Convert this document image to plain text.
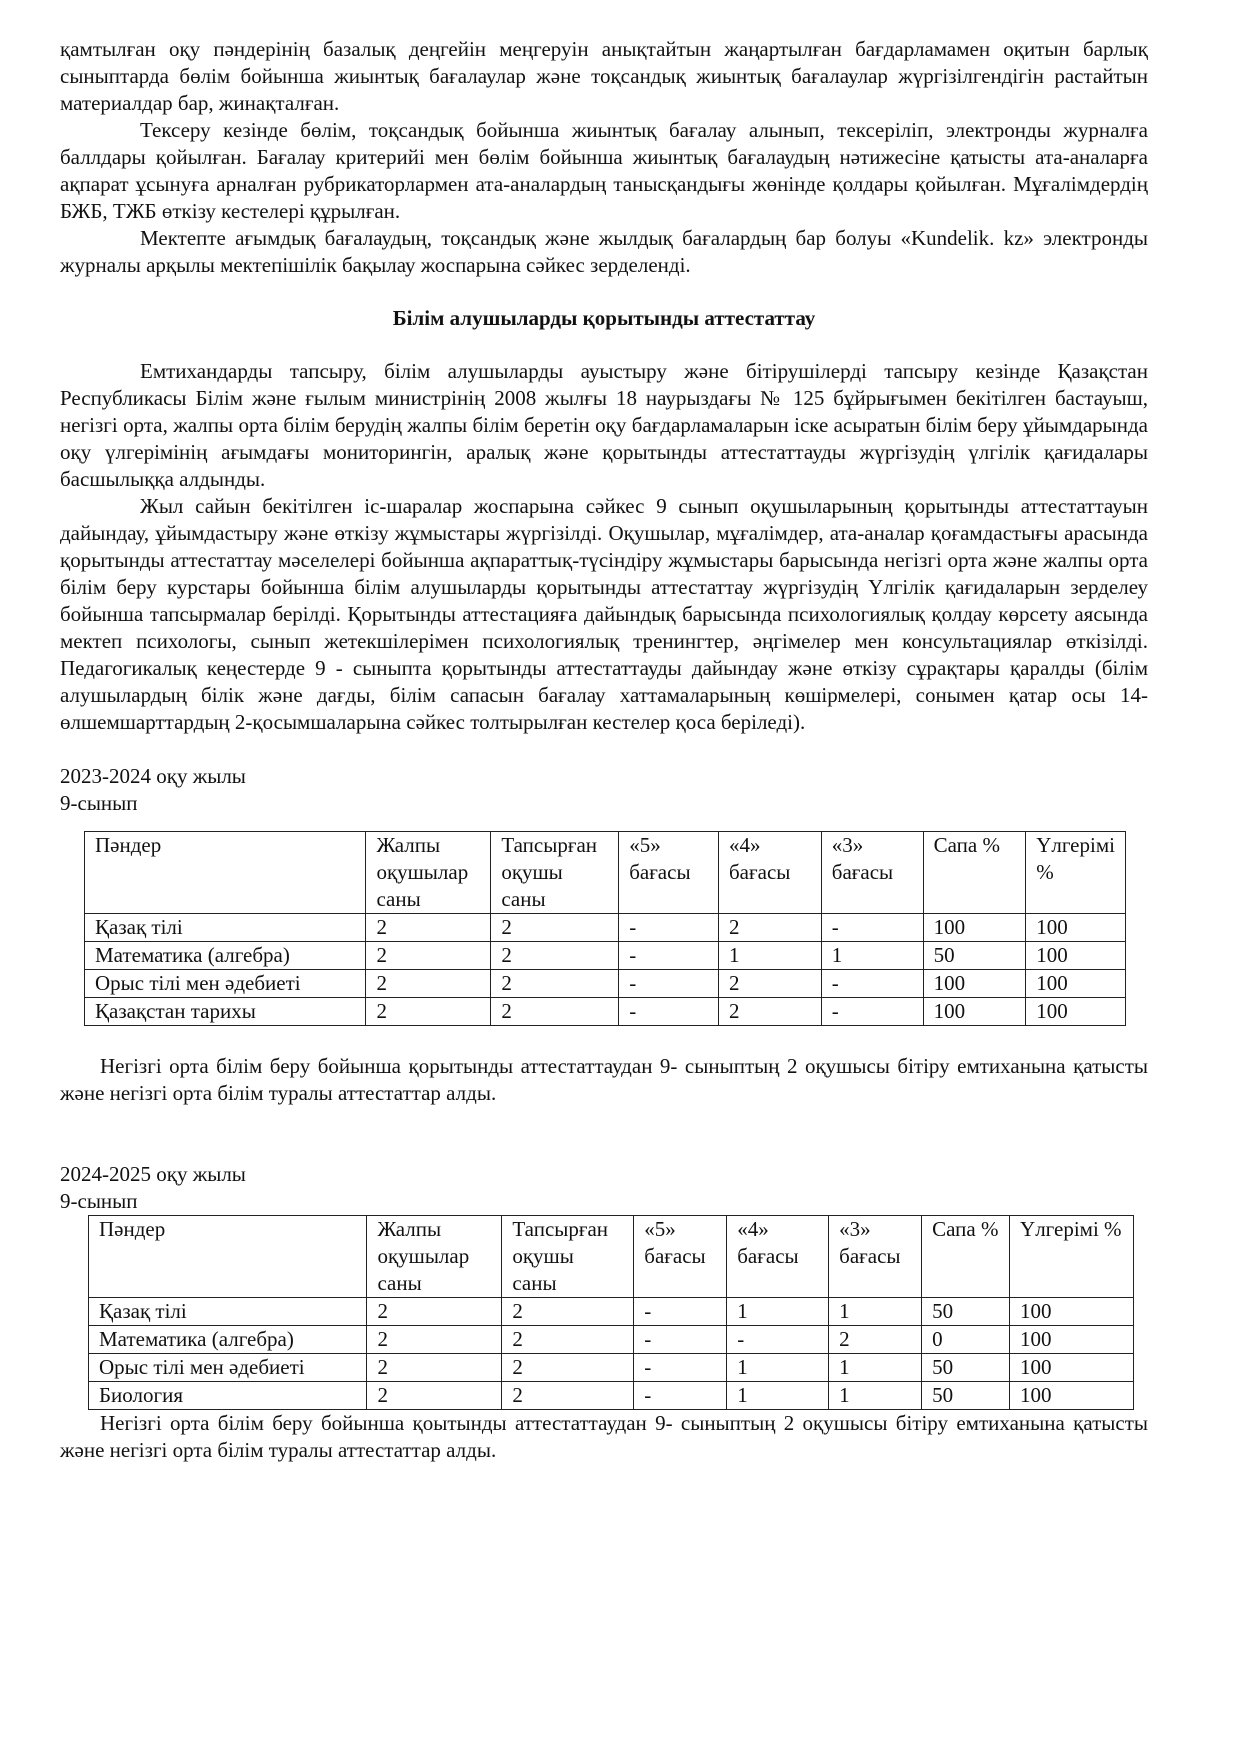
қамтылған оқу пәндерінің базалық деңгейін меңгеруін анықтайтын жаңартылған бағдарламамен оқитын барлық сыныптарда бөлім бойынша жиынтық бағалаулар және тоқсандық жиынтық бағалаулар жүргізілгендігін растайтын материалдар бар, жинақталған.

Тексеру кезінде бөлім, тоқсандық бойынша жиынтық бағалау алынып, тексеріліп, электронды журналға баллдары қойылған. Бағалау критерийі мен бөлім бойынша жиынтық бағалаудың нәтижесіне қатысты ата-аналарға ақпарат ұсынуға арналған рубрикаторлармен ата-аналардың танысқандығы жөнінде қолдары қойылған. Мұғалімдердің БЖБ, ТЖБ өткізу кестелері құрылған.

Мектепте ағымдық бағалаудың, тоқсандық және жылдық бағалардың бар болуы «Kundelik. kz» электронды журналы арқылы мектепішілік бақылау жоспарына сәйкес зерделенді.

Білім алушыларды қорытынды аттестаттау

Емтихандарды тапсыру, білім алушыларды ауыстыру және бітірушілерді тапсыру кезінде Қазақстан Республикасы Білім және ғылым министрінің 2008 жылғы 18 наурыздағы № 125 бұйрығымен бекітілген бастауыш, негізгі орта, жалпы орта білім берудің жалпы білім беретін оқу бағдарламаларын іске асыратын білім беру ұйымдарында оқу үлгерімінің ағымдағы мониторингін, аралық және қорытынды аттестаттауды жүргізудің үлгілік қағидалары басшылыққа алдынды.

Жыл сайын бекітілген іс-шаралар жоспарына сәйкес 9 сынып оқушыларының қорытынды аттестаттауын дайындау, ұйымдастыру және өткізу жұмыстары жүргізілді. Оқушылар, мұғалімдер, ата-аналар қоғамдастығы арасында қорытынды аттестаттау мәселелері бойынша ақпараттық-түсіндіру жұмыстары барысында негізгі орта және жалпы орта білім беру курстары бойынша білім алушыларды қорытынды аттестаттау жүргізудің Үлгілік қағидаларын зерделеу бойынша тапсырмалар берілді. Қорытынды аттестацияға дайындық барысында психологиялық қолдау көрсету аясында мектеп психологы, сынып жетекшілерімен психологиялық тренингтер, әңгімелер мен консультациялар өткізілді. Педагогикалық кеңестерде 9 - сыныпта қорытынды аттестаттауды дайындау және өткізу сұрақтары қаралды (білім алушылардың білік және дағды, білім сапасын бағалау хаттамаларының көшірмелері, сонымен қатар осы 14-өлшемшарттардың 2-қосымшаларына сәйкес толтырылған кестелер қоса беріледі).

2023-2024 оқу жылы

9-сынып

Пәндер	Жалпы оқушылар саны	Тапсырған оқушы саны	«5» бағасы	«4» бағасы	«3» бағасы	Сапа %	Үлгерімі %
Қазақ тілі	2	2	-	2	-	100	100
Математика (алгебра)	2	2	-	1	1	50	100
Орыс тілі мен әдебиеті	2	2	-	2	-	100	100
Қазақстан тарихы	2	2	-	2	-	100	100

Негізгі орта білім беру бойынша қорытынды аттестаттаудан 9- сыныптың 2 оқушысы бітіру емтиханына қатысты және негізгі орта білім туралы аттестаттар алды.

2024-2025 оқу жылы

9-сынып

Пәндер	Жалпы оқушылар саны	Тапсырған оқушы саны	«5» бағасы	«4» бағасы	«3» бағасы	Сапа %	Үлгерімі %
Қазақ тілі	2	2	-	1	1	50	100
Математика (алгебра)	2	2	-	-	2	0	100
Орыс тілі мен әдебиеті	2	2	-	1	1	50	100
Биология	2	2	-	1	1	50	100

Негізгі орта білім беру бойынша қоытынды аттестаттаудан 9- сыныптың 2 оқушысы бітіру емтиханына қатысты және негізгі орта білім туралы аттестаттар алды.
